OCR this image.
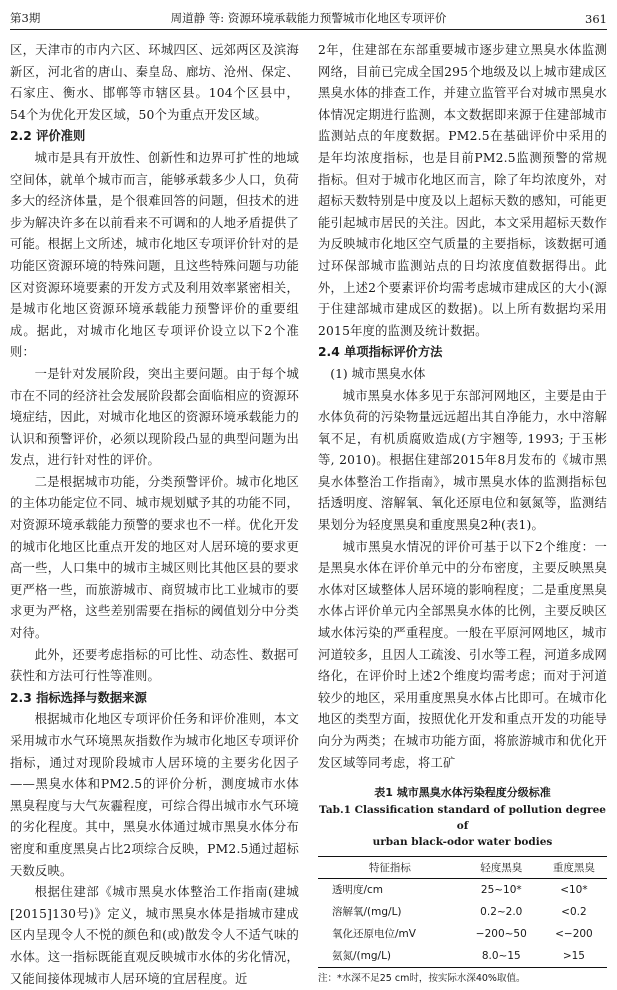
第3期	周道静 等: 资源环境承载能力预警城市化地区专项评价	361
区，天津市的市内六区、环城四区、远郊两区及滨海新区，河北省的唐山、秦皇岛、廊坊、沧州、保定、石家庄、衡水、邯郸等市辖区县。104个区县中，54个为优化开发区域，50个为重点开发区域。
2.2 评价准则
城市是具有开放性、创新性和边界可扩性的地域空间体，就单个城市而言，能够承载多少人口，负荷多大的经济体量，是个很难回答的问题，但技术的进步为解决许多在以前看来不可调和的人地矛盾提供了可能。根据上文所述，城市化地区专项评价针对的是功能区资源环境的特殊问题，且这些特殊问题与功能区对资源环境要素的开发方式及利用效率紧密相关，是城市化地区资源环境承载能力预警评价的重要组成。据此，对城市化地区专项评价设立以下2个准则：
一是针对发展阶段，突出主要问题。由于每个城市在不同的经济社会发展阶段都会面临相应的资源环境症结，因此，对城市化地区的资源环境承载能力的认识和预警评价，必须以现阶段凸显的典型问题为出发点，进行针对性的评价。
二是根据城市功能，分类预警评价。城市化地区的主体功能定位不同、城市规划赋予其的功能不同，对资源环境承载能力预警的要求也不一样。优化开发的城市化地区比重点开发的地区对人居环境的要求更高一些，人口集中的城市主城区则比其他区县的要求更严格一些，而旅游城市、商贸城市比工业城市的要求更为严格，这些差别需要在指标的阈值划分中分类对待。
此外，还要考虑指标的可比性、动态性、数据可获性和方法可行性等准则。
2.3 指标选择与数据来源
根据城市化地区专项评价任务和评价准则，本文采用城市水气环境黑灰指数作为城市化地区专项评价指标，通过对现阶段城市人居环境的主要劣化因子——黑臭水体和PM2.5的评价分析，测度城市水体黑臭程度与大气灰霾程度，可综合得出城市水气环境的劣化程度。其中，黑臭水体通过城市黑臭水体分布密度和重度黑臭占比2项综合反映，PM2.5通过超标天数反映。
根据住建部《城市黑臭水体整治工作指南(建城[2015]130号)》定义，城市黑臭水体是指城市建成区内呈现令人不悦的颜色和(或)散发令人不适气味的水体。这一指标既能直观反映城市水体的劣化情况，又能间接体现城市人居环境的宜居程度。近
2年，住建部在东部重要城市逐步建立黑臭水体监测网络，目前已完成全国295个地级及以上城市建成区黑臭水体的排查工作，并建立监管平台对城市黑臭水体情况定期进行监测，本文数据即来源于住建部城市监测站点的年度数据。PM2.5在基础评价中采用的是年均浓度指标，也是目前PM2.5监测预警的常规指标。但对于城市化地区而言，除了年均浓度外，对超标天数特别是中度及以上超标天数的感知，可能更能引起城市居民的关注。因此，本文采用超标天数作为反映城市化地区空气质量的主要指标，该数据可通过环保部城市监测站点的日均浓度值数据得出。此外，上述2个要素评价均需考虑城市建成区的大小(源于住建部城市建成区的数据)。以上所有数据均采用2015年度的监测及统计数据。
2.4 单项指标评价方法
(1) 城市黑臭水体
城市黑臭水体多见于东部河网地区，主要是由于水体负荷的污染物量远远超出其自净能力，水中溶解氧不足，有机质腐败造成(方宇翘等, 1993; 于玉彬等, 2010)。根据住建部2015年8月发布的《城市黑臭水体整治工作指南》，城市黑臭水体的监测指标包括透明度、溶解氧、氧化还原电位和氨氮等，监测结果划分为轻度黑臭和重度黑臭2种(表1)。
城市黑臭水情况的评价可基于以下2个维度：一是黑臭水体在评价单元中的分布密度，主要反映黑臭水体对区域整体人居环境的影响程度；二是重度黑臭水体占评价单元内全部黑臭水体的比例，主要反映区域水体污染的严重程度。一般在平原河网地区，城市河道较多，且因人工疏浚、引水等工程，河道多成网络化，在评价时上述2个维度均需考虑；而对于河道较少的地区，采用重度黑臭水体占比即可。在城市化地区的类型方面，按照优化开发和重点开发的功能导向分为两类；在城市功能方面，将旅游城市和优化开发区域等同考虑，将工矿
表1 城市黑臭水体污染程度分级标准
Tab.1 Classification standard of pollution degree of
urban black-odor water bodies
特征指标	轻度黑臭	重度黑臭
透明度/cm	25~10*	<10*
溶解氧/(mg/L)	0.2~2.0	<0.2
氧化还原电位/mV	−200~50	<−200
氨氮/(mg/L)	8.0~15	>15
注：*水深不足25 cm时，按实际水深40%取值。
